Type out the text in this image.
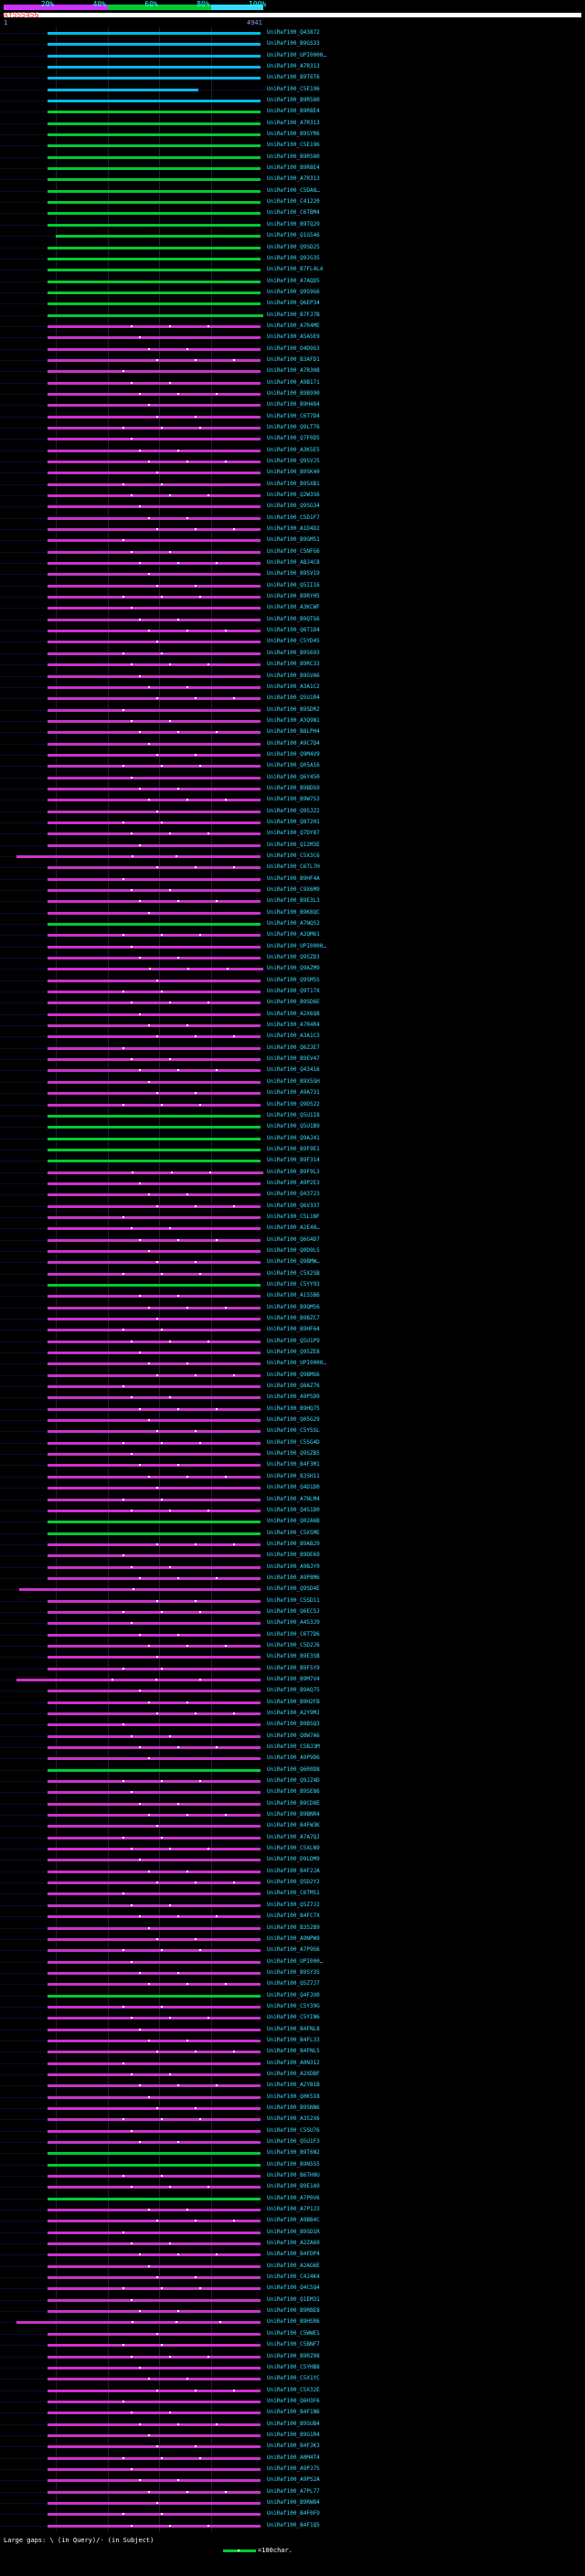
20%	40%	60%	80%	100%
AY555456
1	4941
UniRef100_Q43872
UniRef100_B9GS33
UniRef100_UPI0000…
UniRef100_A7R313
UniRef100_B9T6T6
UniRef100_C5E196
UniRef100_B9R580
UniRef100_B9R8E4
UniRef100_A7R313
UniRef100_B9SYR6
UniRef100_C5E196
UniRef100_B9R580
UniRef100_B9R8E4
UniRef100_A7R313
UniRef100_C5DA8…
UniRef100_C41220
UniRef100_C6TBM4
UniRef100_B9TQ29
UniRef100_Q1G546
UniRef100_Q9SD25
UniRef100_Q9JG35
UniRef100_B7FL4L4
UniRef100_A7AQD5
UniRef100_Q9S9G6
UniRef100_Q6EP34
UniRef100_B7FJ7B
UniRef100_A7R4ME
UniRef100_A5A5E9
UniRef100_D4D9G3
UniRef100_B3AFD1
UniRef100_A7R3H8
UniRef100_A9B171
UniRef100_B9B990
UniRef100_B9H484
UniRef100_C6T7D4
UniRef100_Q9LT76
UniRef100_Q7F0D5
UniRef100_A3K5E5
UniRef100_Q9SVJ5
UniRef100_B9SK40
UniRef100_B9SXB1
UniRef100_Q2W3S6
UniRef100_Q9SG34
UniRef100_C5D1F7
UniRef100_A1D4D2
UniRef100_B9GM51
UniRef100_C5NFG6
UniRef100_A8J4C8
UniRef100_B9SV19
UniRef100_Q5II16
UniRef100_B9RYH5
UniRef100_A3KCWF
UniRef100_B9QTG6
UniRef100_Q6T1D4
UniRef100_C5YD45
UniRef100_B9S693
UniRef100_B9RC33
UniRef100_B9GVA6
UniRef100_A3A1C2
UniRef100_Q5U1R4
UniRef100_B9SDR2
UniRef100_A3Q9N1
UniRef100_B8LPH4
UniRef100_A9C7D4
UniRef100_Q9M4V9
UniRef100_Q05A16
UniRef100_Q6Y450
UniRef100_B9BDG9
UniRef100_B9W7S3
UniRef100_Q9SJZ2
UniRef100_Q872H1
UniRef100_Q7DY87
UniRef100_Q12M3E
UniRef100_C5X3C6
UniRef100_C6TL7H
UniRef100_B9HF4A
UniRef100_C9X6M9
UniRef100_B9E3L3
UniRef100_B9K8QC
UniRef100_A7NQ52
UniRef100_A2QM61
UniRef100_UPI0000…
UniRef100_Q9SZD3
UniRef100_Q9AZM9
UniRef100_Q9SM5S
UniRef100_Q9T17X
UniRef100_B9SD6E
UniRef100_A2X6Q8
UniRef100_A7R4R4
UniRef100_A3A1C3
UniRef100_Q6ZJE7
UniRef100_B9EV47
UniRef100_Q43416
UniRef100_B9X5GH
UniRef100_A9A731
UniRef100_Q9D522
UniRef100_Q5U1I8
UniRef100_Q5U1B9
UniRef100_Q9AJ41
UniRef100_B9F9E1
UniRef100_B9F314
UniRef100_B9F9L3
UniRef100_A9P2E3
UniRef100_Q43723
UniRef100_Q6V337
UniRef100_C5L1NF
UniRef100_A2E40…
UniRef100_Q6G4D7
UniRef100_Q0D9L5
UniRef100_Q9BMW…
UniRef100_C5X2SB
UniRef100_C5YY93
UniRef100_A1S5B6
UniRef100_B9QM56
UniRef100_B9BZC7
UniRef100_B9HF64
UniRef100_Q5U1P9
UniRef100_Q9SZE8
UniRef100_UPI0000…
UniRef100_Q9BMG6
UniRef100_Q8AZ76
UniRef100_A9P5D9
UniRef100_B9HQ75
UniRef100_Q05G29
UniRef100_C5YSSL
UniRef100_C5SG4D
UniRef100_Q9SZB5
UniRef100_B4F3M1
UniRef100_B3SH11
UniRef100_Q4D1D0
UniRef100_A7NLM4
UniRef100_Q4S1D0
UniRef100_Q02A6B
UniRef100_C5X5ME
UniRef100_B9AB29
UniRef100_B9DE69
UniRef100_A9BJY9
UniRef100_A9P8M6
UniRef100_Q9SD4E
UniRef100_C5SD11
UniRef100_Q6EC5J
UniRef100_A4S3J9
UniRef100_C6T7D6
UniRef100_C5D2J6
UniRef100_B9E3SB
UniRef100_B9F5Y9
UniRef100_B9M7V4
UniRef100_B9AQ75
UniRef100_B9H2FB
UniRef100_A2Y9MJ
UniRef100_B9BSQ3
UniRef100_Q8W7A6
UniRef100_C5BJ3M
UniRef100_A9P9D6
UniRef100_Q6R0D8
UniRef100_Q9JZ4D
UniRef100_B9SE86
UniRef100_B9CD8E
UniRef100_B9BNR4
UniRef100_B4FW3K
UniRef100_A7A7QJ
UniRef100_C5XLN9
UniRef100_D9LDM9
UniRef100_B4F2JA
UniRef100_Q5D2Y2
UniRef100_C6TMS1
UniRef100_Q5Z7J2
UniRef100_B4FC7X
UniRef100_B3S2B9
UniRef100_A9NPW9
UniRef100_A7P9G6
UniRef100_UPI000…
UniRef100_B9SY3S
UniRef100_Q5Z7J7
UniRef100_Q4FJU0
UniRef100_C5Y39G
UniRef100_C5YIN6
UniRef100_B4FNL8
UniRef100_B4FL33
UniRef100_B4FNL5
UniRef100_A0N312
UniRef100_A2XDBF
UniRef100_A2YB1B
UniRef100_Q0K5I8
UniRef100_B9SNN6
UniRef100_A3S2X6
UniRef100_C5SU76
UniRef100_Q5U1F3
UniRef100_B9T6N2
UniRef100_B9N5S5
UniRef100_B6TH0U
UniRef100_B9E1A9
UniRef100_A7P0V6
UniRef100_A7P1J3
UniRef100_A9BB4C
UniRef100_B9SD1R
UniRef100_A2ZA69
UniRef100_B4FDP4
UniRef100_A2AG6E
UniRef100_C4J4K4
UniRef100_Q4C5Q4
UniRef100_Q1EM31
UniRef100_B9RBE8
UniRef100_B9HSR6
UniRef100_C5WWE1
UniRef100_C5BNF7
UniRef100_B9RZ08
UniRef100_C5YHB8
UniRef100_C5X1YC
UniRef100_C5X32E
UniRef100_Q6H3F6
UniRef100_B4F1N6
UniRef100_B9SUB4
UniRef100_B9G1R4
UniRef100_B4FJK3
UniRef100_A0M4T4
UniRef100_A9PJ7S
UniRef100_A9PS2A
UniRef100_A7PL77
UniRef100_B9RW84
UniRef100_B4F0F9
UniRef100_B4F1Q5
Large gaps: \ (in Query)/- (in Subject)
=100char.
